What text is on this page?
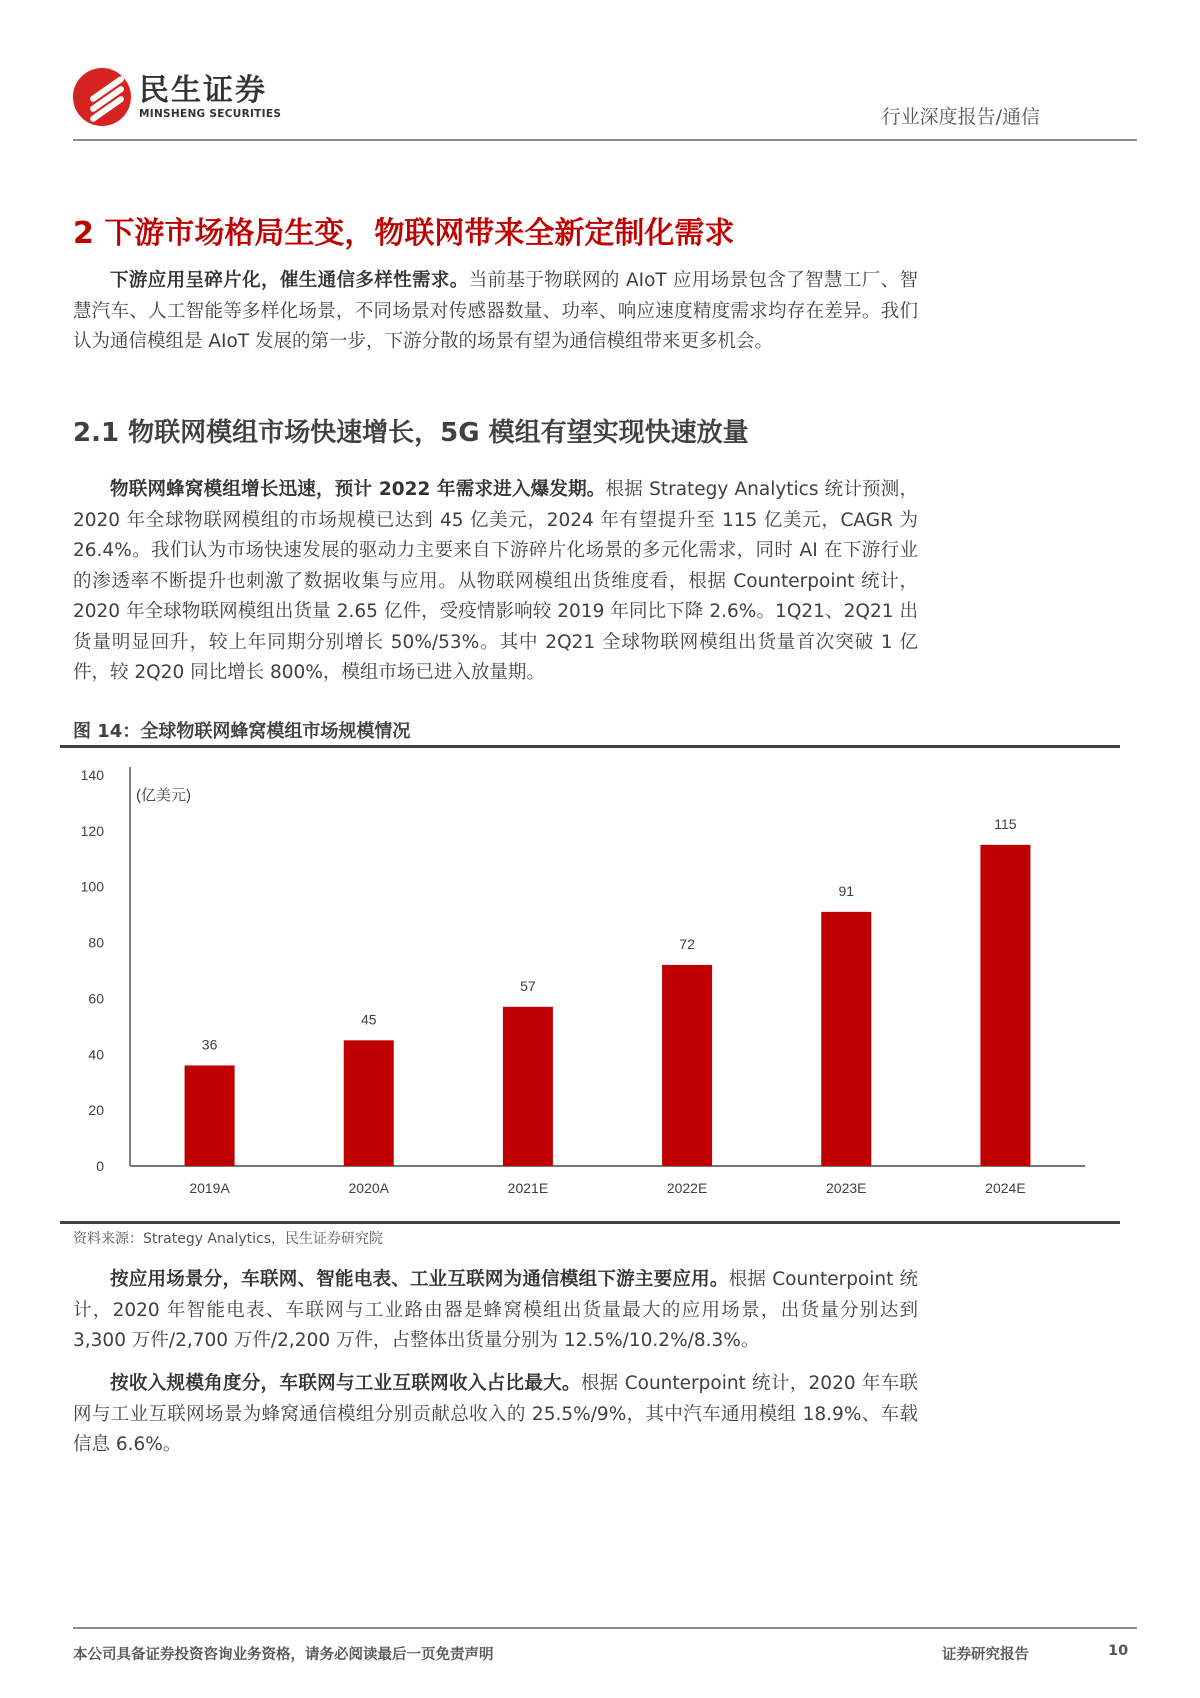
民生证券
MINSHENG SECURITIES	行业深度报告/通信
2 下游市场格局生变，物联网带来全新定制化需求

下游应用呈碎片化，催生通信多样性需求。当前基于物联网的 AIoT 应用场景包含了智慧工厂、智慧汽车、人工智能等多样化场景，不同场景对传感器数量、功率、响应速度精度需求均存在差异。我们认为通信模组是 AIoT 发展的第一步，下游分散的场景有望为通信模组带来更多机会。

2.1 物联网模组市场快速增长，5G 模组有望实现快速放量

物联网蜂窝模组增长迅速，预计 2022 年需求进入爆发期。根据 Strategy Analytics 统计预测，2020 年全球物联网模组的市场规模已达到 45 亿美元，2024 年有望提升至 115 亿美元，CAGR 为 26.4%。我们认为市场快速发展的驱动力主要来自下游碎片化场景的多元化需求，同时 AI 在下游行业的渗透率不断提升也刺激了数据收集与应用。从物联网模组出货维度看，根据 Counterpoint 统计，2020 年全球物联网模组出货量 2.65 亿件，受疫情影响较 2019 年同比下降 2.6%。1Q21、2Q21 出货量明显回升，较上年同期分别增长 50%/53%。其中 2Q21 全球物联网模组出货量首次突破 1 亿件，较 2Q20 同比增长 800%，模组市场已进入放量期。

图 14：全球物联网蜂窝模组市场规模情况
0
20
40
60
80
100
120
140
(亿美元)
36
2019A
45
2020A
57
2021E
72
2022E
91
2023E
115
2024E
资料来源：Strategy Analytics，民生证券研究院

按应用场景分，车联网、智能电表、工业互联网为通信模组下游主要应用。根据 Counterpoint 统计，2020 年智能电表、车联网与工业路由器是蜂窝模组出货量最大的应用场景，出货量分别达到 3,300 万件/2,700 万件/2,200 万件，占整体出货量分别为 12.5%/10.2%/8.3%。

按收入规模角度分，车联网与工业互联网收入占比最大。根据 Counterpoint 统计，2020 年车联网与工业互联网场景为蜂窝通信模组分别贡献总收入的 25.5%/9%，其中汽车通用模组 18.9%、车载信息 6.6%。

本公司具备证券投资咨询业务资格，请务必阅读最后一页免责声明	证券研究报告	10
